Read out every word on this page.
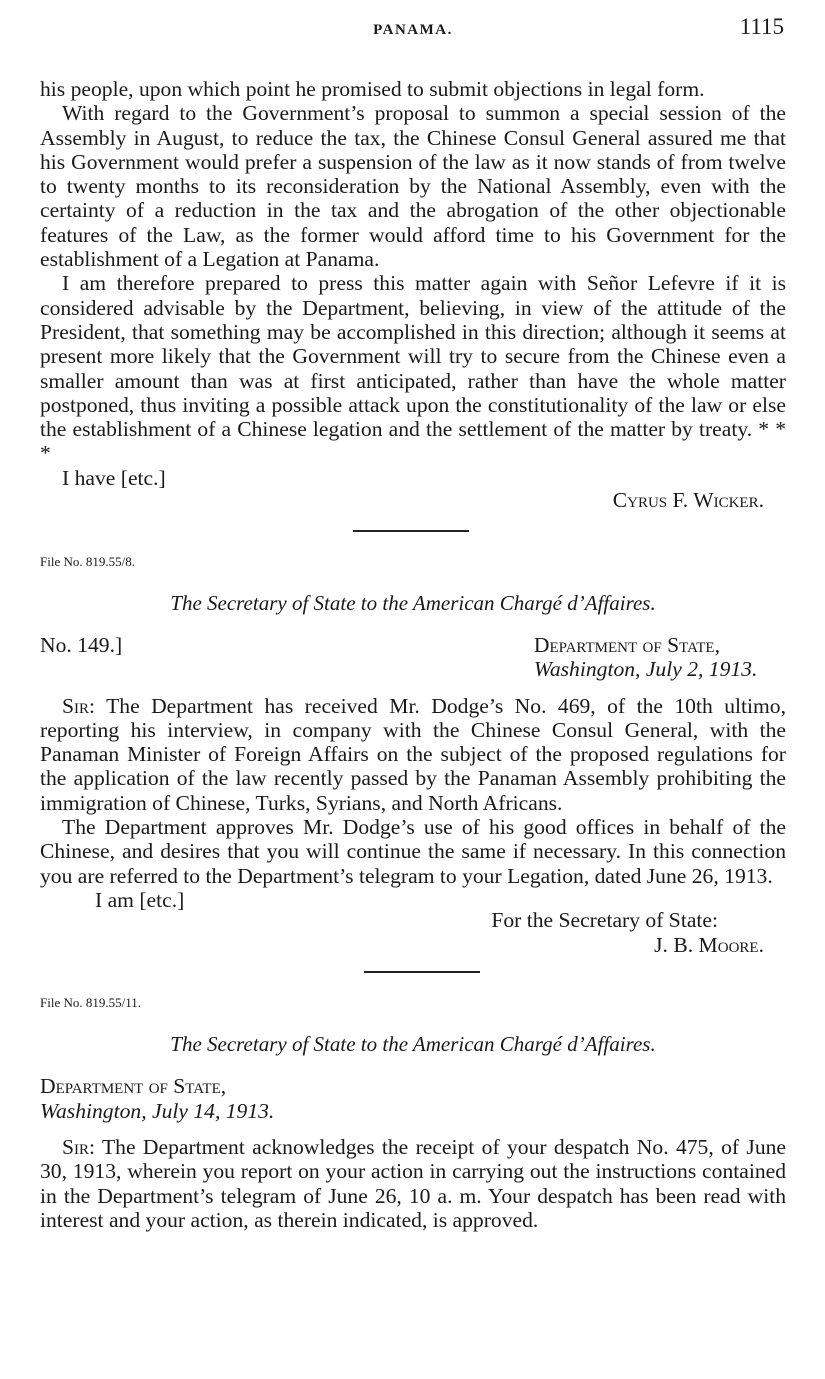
PANAMA.	1115

his people, upon which point he promised to submit objections in legal form.

With regard to the Government’s proposal to summon a special session of the Assembly in August, to reduce the tax, the Chinese Consul General assured me that his Government would prefer a suspension of the law as it now stands of from twelve to twenty months to its reconsideration by the National Assembly, even with the certainty of a reduction in the tax and the abrogation of the other objectionable features of the Law, as the former would afford time to his Government for the establishment of a Legation at Panama.

I am therefore prepared to press this matter again with Señor Lefevre if it is considered advisable by the Department, believing, in view of the attitude of the President, that something may be accomplished in this direction; although it seems at present more likely that the Government will try to secure from the Chinese even a smaller amount than was at first anticipated, rather than have the whole matter postponed, thus inviting a possible attack upon the constitutionality of the law or else the establishment of a Chinese legation and the settlement of the matter by treaty. * * *

I have [etc.]

Cyrus F. Wicker.

File No. 819.55/8.

The Secretary of State to the American Chargé d’Affaires.

No. 149.]	Department of State,

Washington, July 2, 1913.

Sir: The Department has received Mr. Dodge’s No. 469, of the 10th ultimo, reporting his interview, in company with the Chinese Consul General, with the Panaman Minister of Foreign Affairs on the subject of the proposed regulations for the application of the law recently passed by the Panaman Assembly prohibiting the immigration of Chinese, Turks, Syrians, and North Africans.

The Department approves Mr. Dodge’s use of his good offices in behalf of the Chinese, and desires that you will continue the same if necessary. In this connection you are referred to the Department’s telegram to your Legation, dated June 26, 1913.

I am [etc.]

For the Secretary of State:

J. B. Moore.

File No. 819.55/11.

The Secretary of State to the American Chargé d’Affaires.

Department of State,

Washington, July 14, 1913.

Sir: The Department acknowledges the receipt of your despatch No. 475, of June 30, 1913, wherein you report on your action in carrying out the instructions contained in the Department’s telegram of June 26, 10 a. m. Your despatch has been read with interest and your action, as therein indicated, is approved.
